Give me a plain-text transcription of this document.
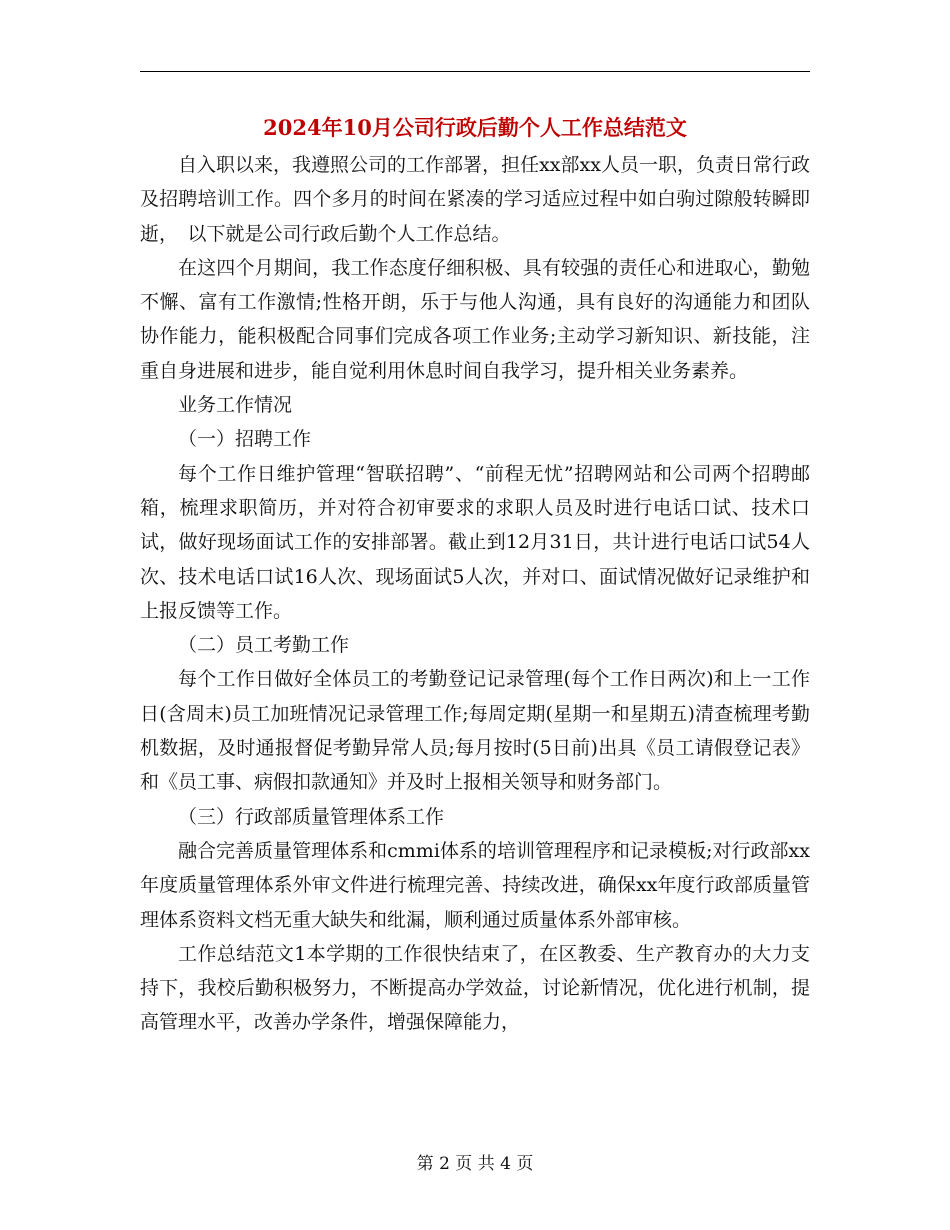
2024年10月公司行政后勤个人工作总结范文

自入职以来，我遵照公司的工作部署，担任xx部xx人员一职，负责日常行政及招聘培训工作。四个多月的时间在紧凑的学习适应过程中如白驹过隙般转瞬即逝，　以下就是公司行政后勤个人工作总结。

在这四个月期间，我工作态度仔细积极、具有较强的责任心和进取心，勤勉不懈、富有工作激情;性格开朗，乐于与他人沟通，具有良好的沟通能力和团队协作能力，能积极配合同事们完成各项工作业务;主动学习新知识、新技能，注重自身进展和进步，能自觉利用休息时间自我学习，提升相关业务素养。

业务工作情况

（一）招聘工作

每个工作日维护管理“智联招聘”、“前程无忧”招聘网站和公司两个招聘邮箱，梳理求职简历，并对符合初审要求的求职人员及时进行电话口试、技术口试，做好现场面试工作的安排部署。截止到12月31日，共计进行电话口试54人次、技术电话口试16人次、现场面试5人次，并对口、面试情况做好记录维护和上报反馈等工作。

（二）员工考勤工作

每个工作日做好全体员工的考勤登记记录管理(每个工作日两次)和上一工作日(含周末)员工加班情况记录管理工作;每周定期(星期一和星期五)清查梳理考勤机数据，及时通报督促考勤异常人员;每月按时(5日前)出具《员工请假登记表》和《员工事、病假扣款通知》并及时上报相关领导和财务部门。

（三）行政部质量管理体系工作

融合完善质量管理体系和cmmi体系的培训管理程序和记录模板;对行政部xx年度质量管理体系外审文件进行梳理完善、持续改进，确保xx年度行政部质量管理体系资料文档无重大缺失和纰漏，顺利通过质量体系外部审核。

工作总结范文1本学期的工作很快结束了，在区教委、生产教育办的大力支持下，我校后勤积极努力，不断提高办学效益，讨论新情况，优化进行机制，提高管理水平，改善办学条件，增强保障能力，

第 2 页 共 4 页
